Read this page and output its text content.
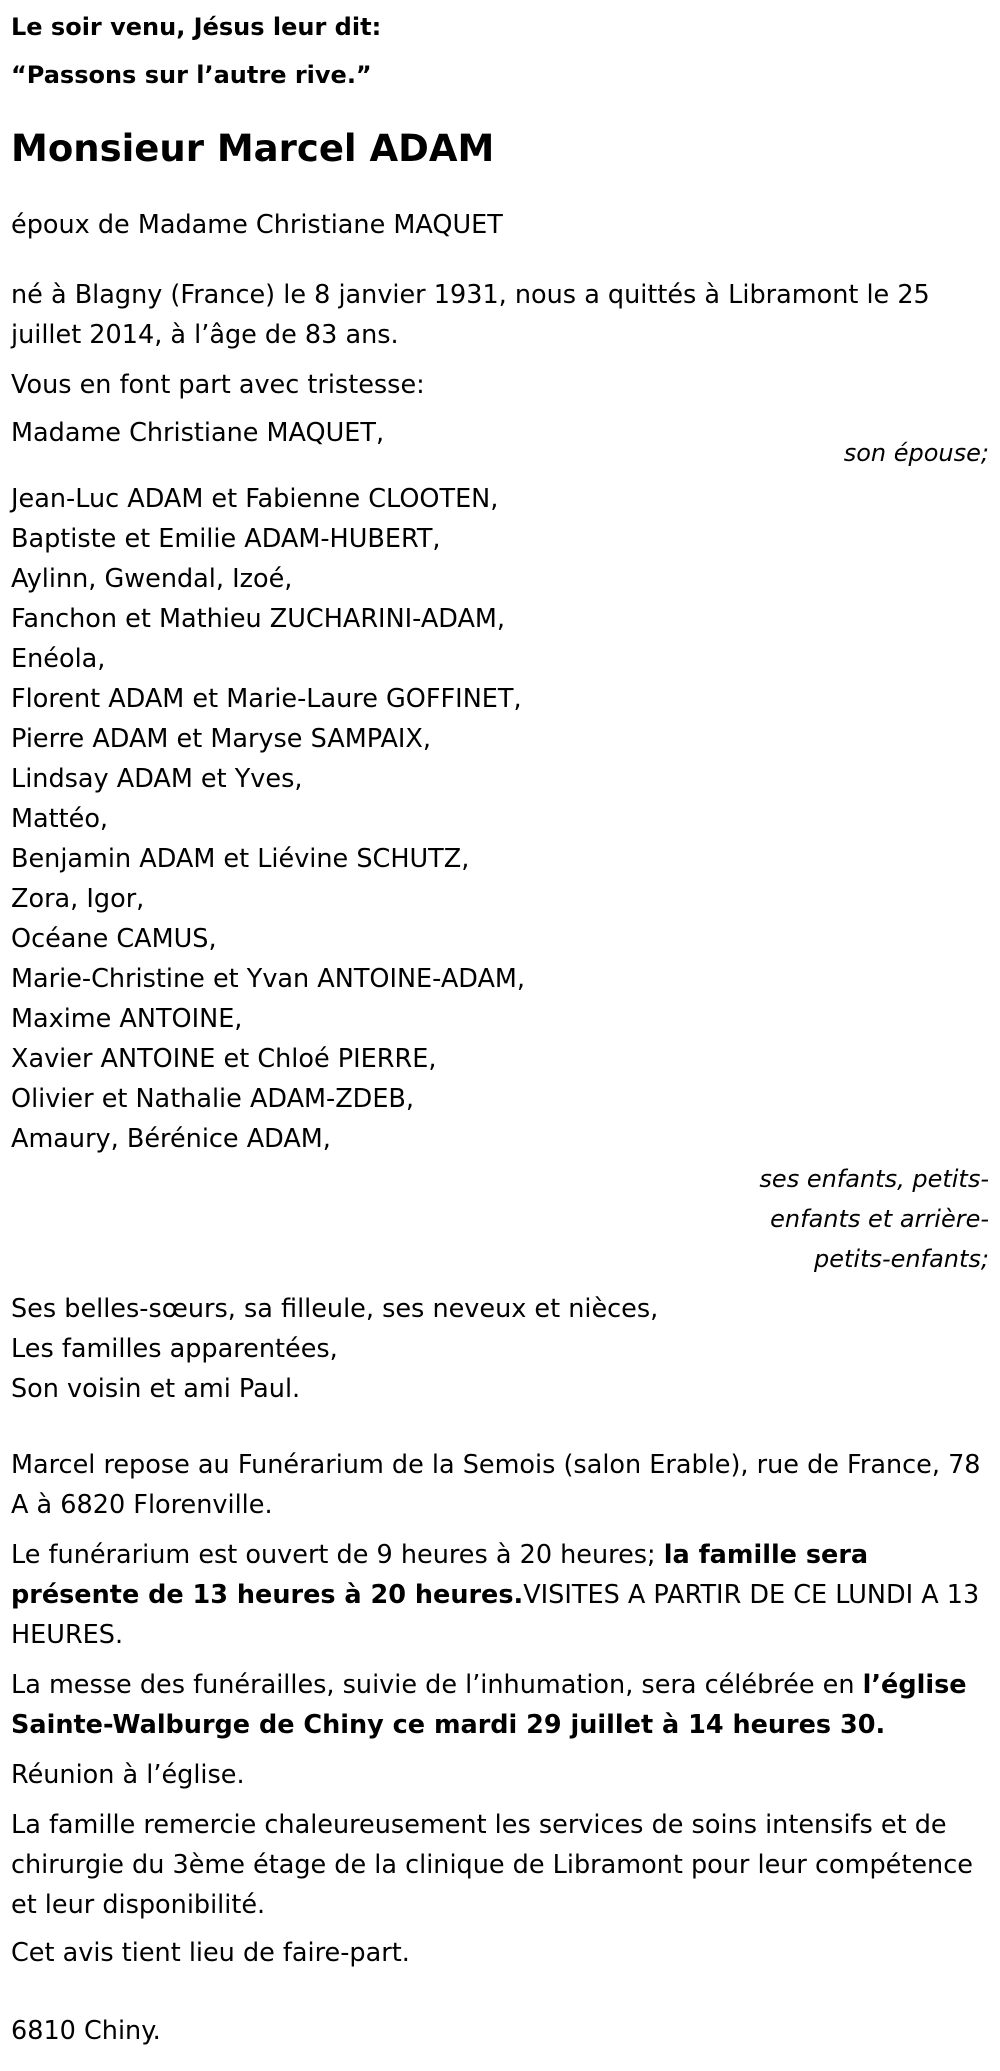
Le soir venu, Jésus leur dit:
“Passons sur l’autre rive.”
Monsieur Marcel ADAM
époux de Madame Christiane MAQUET
né à Blagny (France) le 8 janvier 1931, nous a quittés à Libramont le 25 juillet 2014, à l’âge de 83 ans.
Vous en font part avec tristesse:
Madame Christiane MAQUET,
son épouse;
Jean-Luc ADAM et Fabienne CLOOTEN,
Baptiste et Emilie ADAM-HUBERT,
Aylinn, Gwendal, Izoé,
Fanchon et Mathieu ZUCHARINI-ADAM,
Enéola,
Florent ADAM et Marie-Laure GOFFINET,
Pierre ADAM et Maryse SAMPAIX,
Lindsay ADAM et Yves,
Mattéo,
Benjamin ADAM et Liévine SCHUTZ,
Zora, Igor,
Océane CAMUS,
Marie-Christine et Yvan ANTOINE-ADAM,
Maxime ANTOINE,
Xavier ANTOINE et Chloé PIERRE,
Olivier et Nathalie ADAM-ZDEB,
Amaury, Bérénice ADAM,
ses enfants, petits-enfants et arrière-petits-enfants;
Ses belles-sœurs, sa filleule, ses neveux et nièces,
Les familles apparentées,
Son voisin et ami Paul.
Marcel repose au Funérarium de la Semois (salon Erable), rue de France, 78 A à 6820 Florenville.
Le funérarium est ouvert de 9 heures à 20 heures; la famille sera présente de 13 heures à 20 heures.VISITES A PARTIR DE CE LUNDI A 13 HEURES.
La messe des funérailles, suivie de l’inhumation, sera célébrée en l’église Sainte-Walburge de Chiny ce mardi 29 juillet à 14 heures 30.
Réunion à l’église.
La famille remercie chaleureusement les services de soins intensifs et de chirurgie du 3ème étage de la clinique de Libramont pour leur compétence et leur disponibilité.
Cet avis tient lieu de faire-part.
6810 Chiny.
